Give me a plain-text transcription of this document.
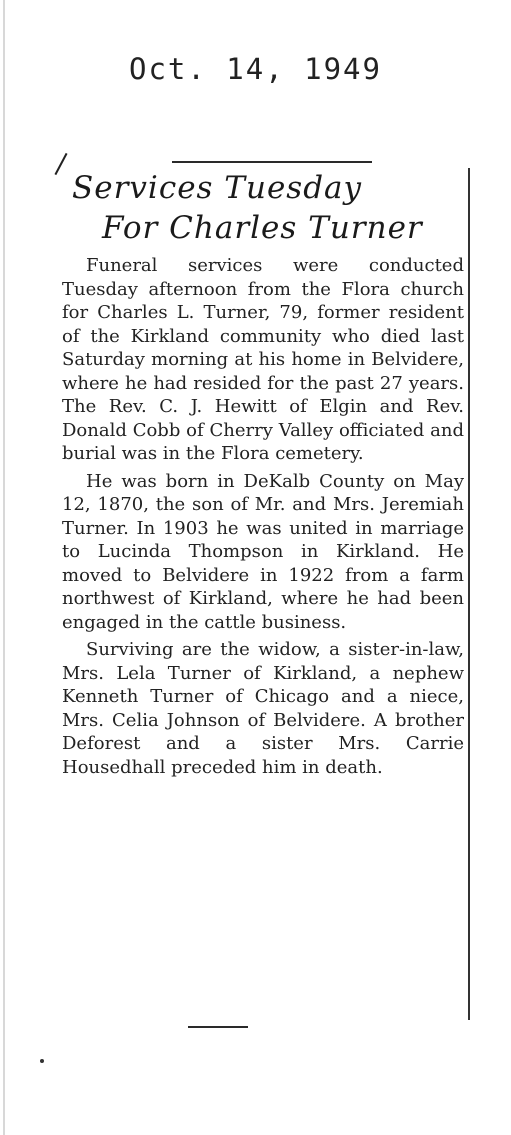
Oct. 14, 1949
Services Tuesday
For Charles Turner

Funeral services were conducted Tuesday afternoon from the Flora church for Charles L. Turner, 79, former resident of the Kirkland community who died last Saturday morning at his home in Belvidere, where he had resided for the past 27 years. The Rev. C. J. Hewitt of Elgin and Rev. Donald Cobb of Cherry Valley officiated and burial was in the Flora cemetery.

He was born in DeKalb County on May 12, 1870, the son of Mr. and Mrs. Jeremiah Turner. In 1903 he was united in marriage to Lucinda Thompson in Kirkland. He moved to Belvidere in 1922 from a farm northwest of Kirkland, where he had been engaged in the cattle business.

Surviving are the widow, a sister-in-law, Mrs. Lela Turner of Kirkland, a nephew Kenneth Turner of Chicago and a niece, Mrs. Celia Johnson of Belvidere. A brother Deforest and a sister Mrs. Carrie Housedhall preceded him in death.
